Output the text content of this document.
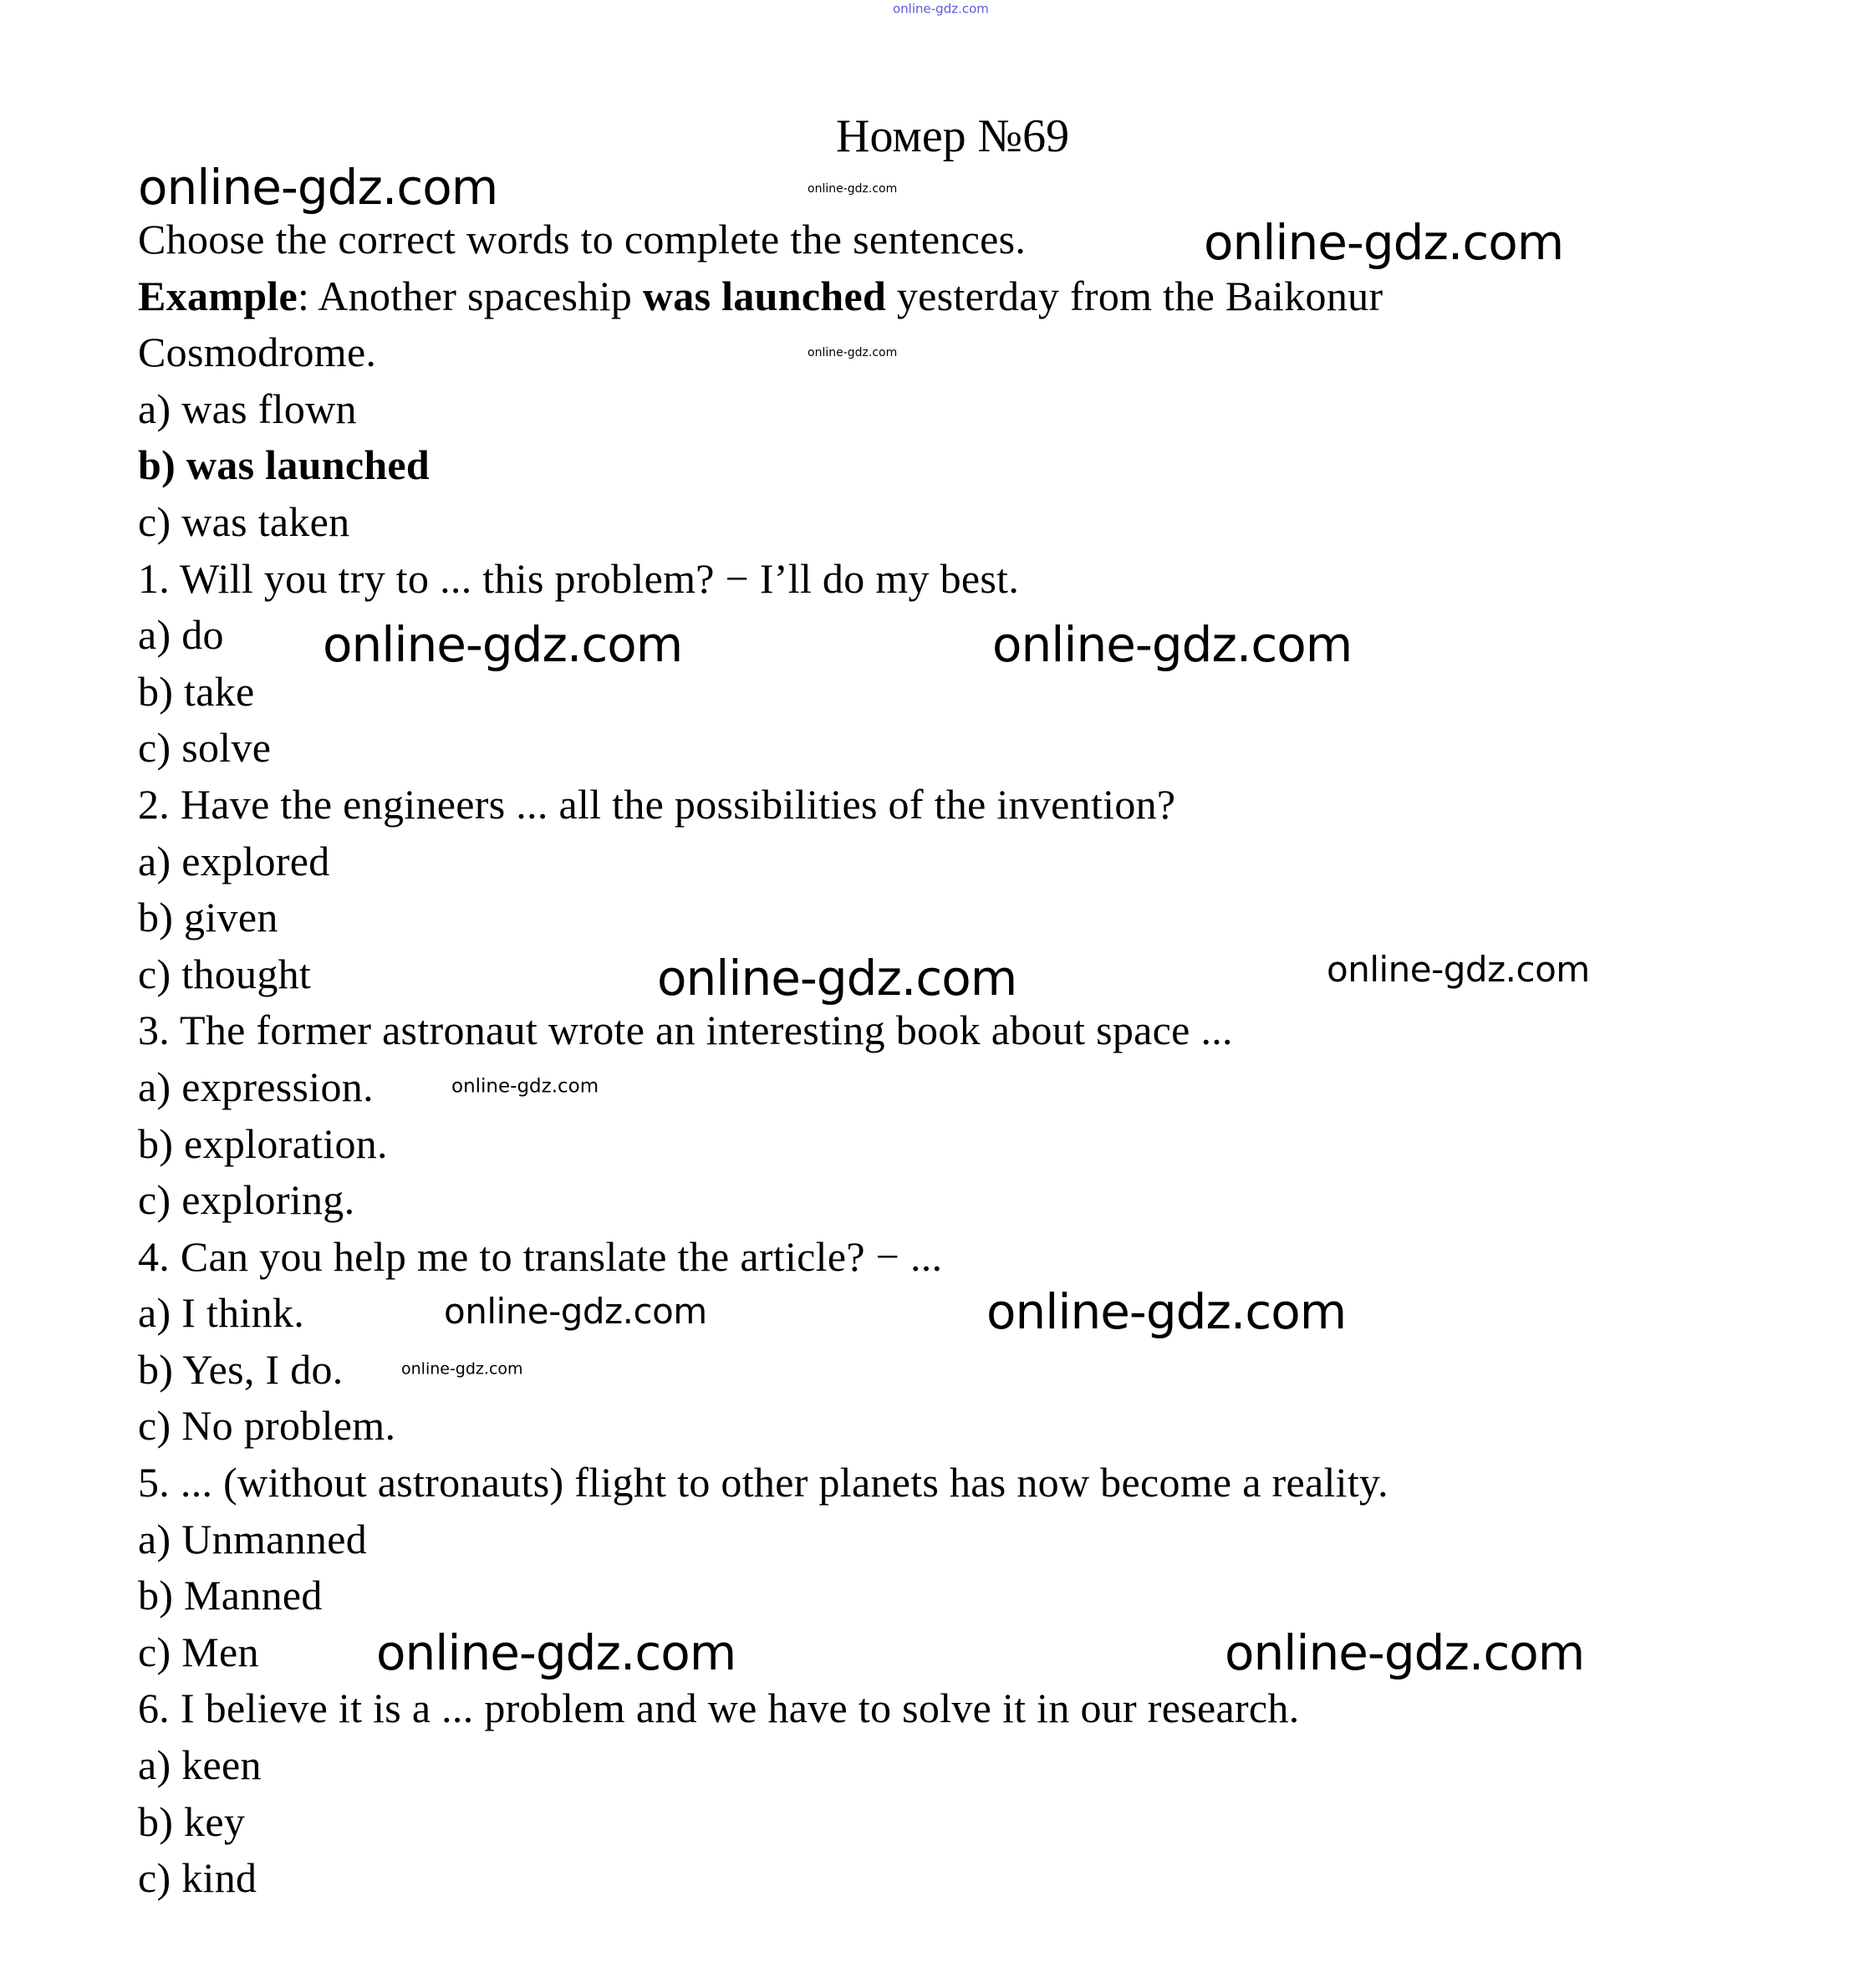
Номер №69
Choose the correct words to complete the sentences.
Example: Another spaceship was launched yesterday from the Baikonur
Cosmodrome.
a) was flown
b) was launched
c) was taken
1. Will you try to ... this problem? − I’ll do my best.
a) do
b) take
c) solve
2. Have the engineers ... all the possibilities of the invention?
a) explored
b) given
c) thought
3. The former astronaut wrote an interesting book about space ...
a) expression.
b) exploration.
c) exploring.
4. Can you help me to translate the article? − ...
a) I think.
b) Yes, I do.
c) No problem.
5. ... (without astronauts) flight to other planets has now become a reality.
a) Unmanned
b) Manned
c) Men
6. I believe it is a ... problem and we have to solve it in our research.
a) keen
b) key
c) kind
online-gdz.com
online-gdz.com	online-gdz.com
online-gdz.com
online-gdz.com
online-gdz.com	online-gdz.com
online-gdz.com	online-gdz.com
online-gdz.com
online-gdz.com
online-gdz.com	online-gdz.com
online-gdz.com	online-gdz.com
